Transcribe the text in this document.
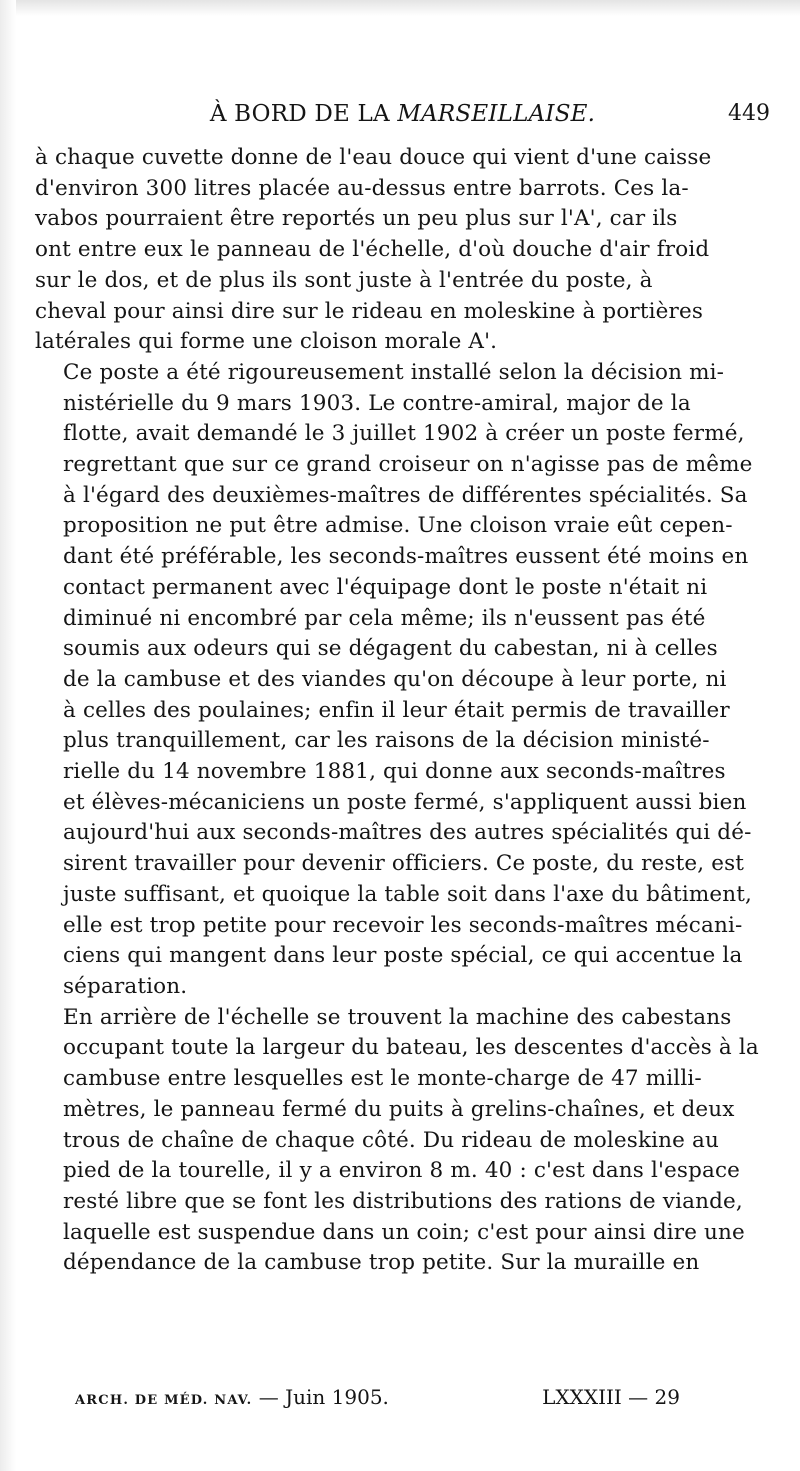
À BORD DE LA MARSEILLAISE.	449

à chaque cuvette donne de l'eau douce qui vient d'une caisse
d'environ 300 litres placée au-dessus entre barrots. Ces la-
vabos pourraient être reportés un peu plus sur l'A', car ils
ont entre eux le panneau de l'échelle, d'où douche d'air froid
sur le dos, et de plus ils sont juste à l'entrée du poste, à
cheval pour ainsi dire sur le rideau en moleskine à portières
latérales qui forme une cloison morale A'.

Ce poste a été rigoureusement installé selon la décision mi-
nistérielle du 9 mars 1903. Le contre-amiral, major de la
flotte, avait demandé le 3 juillet 1902 à créer un poste fermé,
regrettant que sur ce grand croiseur on n'agisse pas de même
à l'égard des deuxièmes-maîtres de différentes spécialités. Sa
proposition ne put être admise. Une cloison vraie eût cepen-
dant été préférable, les seconds-maîtres eussent été moins en
contact permanent avec l'équipage dont le poste n'était ni
diminué ni encombré par cela même; ils n'eussent pas été
soumis aux odeurs qui se dégagent du cabestan, ni à celles
de la cambuse et des viandes qu'on découpe à leur porte, ni
à celles des poulaines; enfin il leur était permis de travailler
plus tranquillement, car les raisons de la décision ministé-
rielle du 14 novembre 1881, qui donne aux seconds-maîtres
et élèves-mécaniciens un poste fermé, s'appliquent aussi bien
aujourd'hui aux seconds-maîtres des autres spécialités qui dé-
sirent travailler pour devenir officiers. Ce poste, du reste, est
juste suffisant, et quoique la table soit dans l'axe du bâtiment,
elle est trop petite pour recevoir les seconds-maîtres mécani-
ciens qui mangent dans leur poste spécial, ce qui accentue la
séparation.

En arrière de l'échelle se trouvent la machine des cabestans
occupant toute la largeur du bateau, les descentes d'accès à la
cambuse entre lesquelles est le monte-charge de 47 milli-
mètres, le panneau fermé du puits à grelins-chaînes, et deux
trous de chaîne de chaque côté. Du rideau de moleskine au
pied de la tourelle, il y a environ 8 m. 40 : c'est dans l'espace
resté libre que se font les distributions des rations de viande,
laquelle est suspendue dans un coin; c'est pour ainsi dire une
dépendance de la cambuse trop petite. Sur la muraille en

ARCH. DE MÉD. NAV. — Juin 1905.	LXXXIII — 29
